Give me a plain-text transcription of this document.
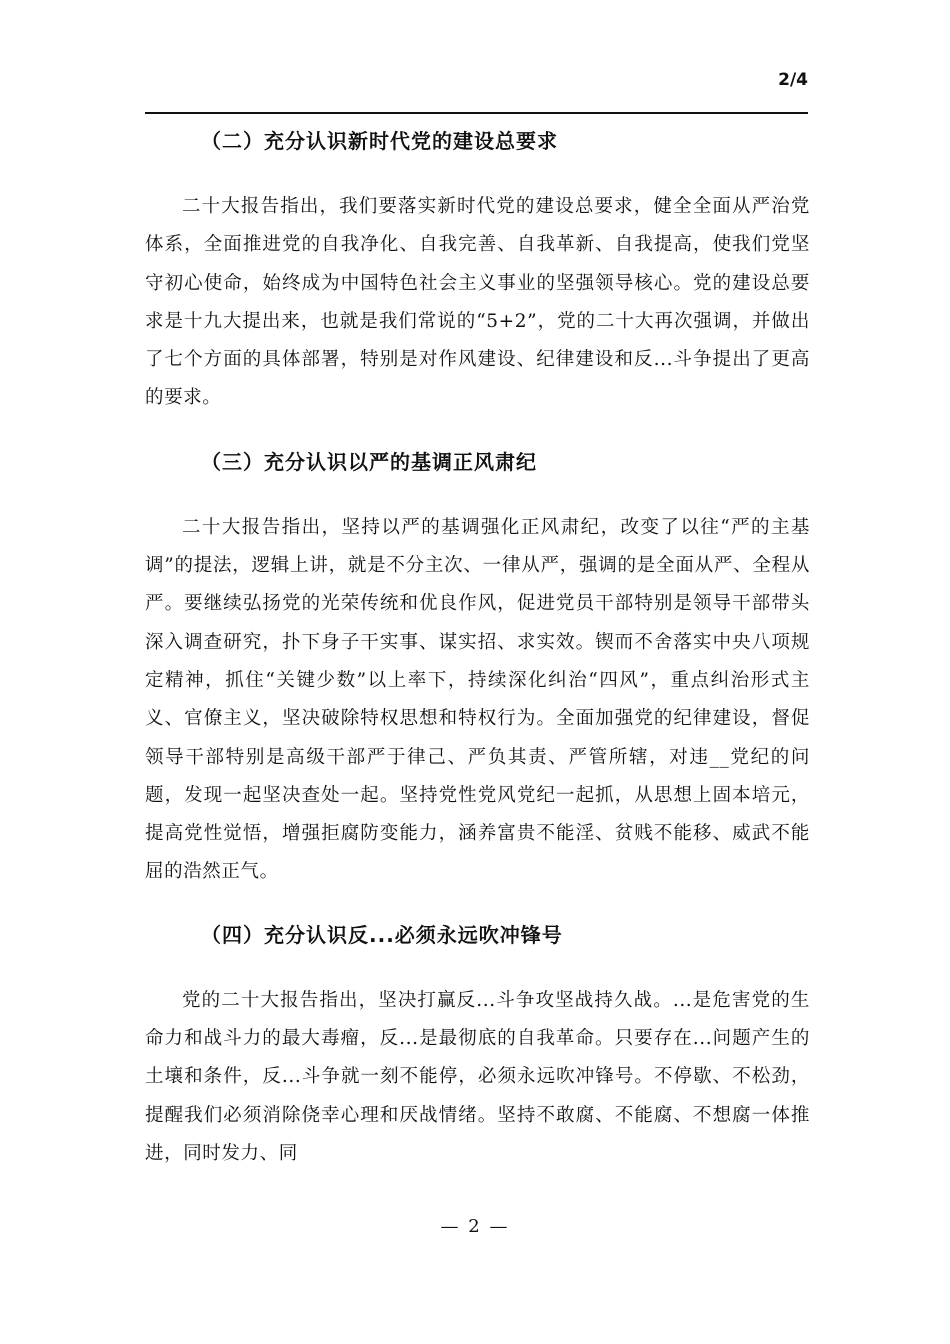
2/4
（二）充分认识新时代党的建设总要求

二十大报告指出，我们要落实新时代党的建设总要求，健全全面从严治党体系，全面推进党的自我净化、自我完善、自我革新、自我提高，使我们党坚守初心使命，始终成为中国特色社会主义事业的坚强领导核心。党的建设总要求是十九大提出来，也就是我们常说的“5+2”，党的二十大再次强调，并做出了七个方面的具体部署，特别是对作风建设、纪律建设和反...斗争提出了更高的要求。

（三）充分认识以严的基调正风肃纪

二十大报告指出，坚持以严的基调强化正风肃纪，改变了以往“严的主基调”的提法，逻辑上讲，就是不分主次、一律从严，强调的是全面从严、全程从严。要继续弘扬党的光荣传统和优良作风，促进党员干部特别是领导干部带头深入调查研究，扑下身子干实事、谋实招、求实效。锲而不舍落实中央八项规定精神，抓住“关键少数”以上率下，持续深化纠治“四风”，重点纠治形式主义、官僚主义，坚决破除特权思想和特权行为。全面加强党的纪律建设，督促领导干部特别是高级干部严于律己、严负其责、严管所辖，对违__党纪的问题，发现一起坚决查处一起。坚持党性党风党纪一起抓，从思想上固本培元，提高党性觉悟，增强拒腐防变能力，涵养富贵不能淫、贫贱不能移、威武不能屈的浩然正气。

（四）充分认识反...必须永远吹冲锋号

党的二十大报告指出，坚决打赢反...斗争攻坚战持久战。...是危害党的生命力和战斗力的最大毒瘤，反...是最彻底的自我革命。只要存在...问题产生的土壤和条件，反...斗争就一刻不能停，必须永远吹冲锋号。不停歇、不松劲，提醒我们必须消除侥幸心理和厌战情绪。坚持不敢腐、不能腐、不想腐一体推进，同时发力、同

— 2 —
